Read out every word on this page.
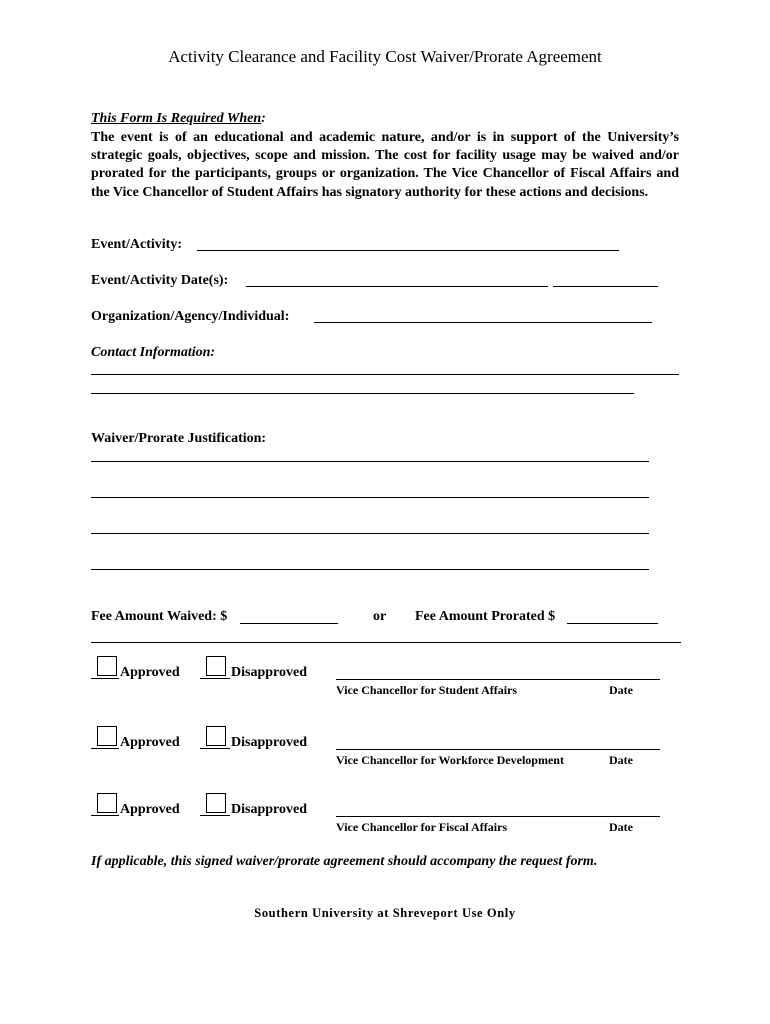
Activity Clearance and Facility Cost Waiver/Prorate Agreement
This Form Is Required When:
The event is of an educational and academic nature, and/or is in support of the University’s strategic goals, objectives, scope and mission. The cost for facility usage may be waived and/or prorated for the participants, groups or organization. The Vice Chancellor of Fiscal Affairs and the Vice Chancellor of Student Affairs has signatory authority for these actions and decisions.
Event/Activity:
Event/Activity Date(s):
Organization/Agency/Individual:
Contact Information:
Waiver/Prorate Justification:
Fee Amount Waived: $	or Fee Amount Prorated $
Approved	Disapproved
Vice Chancellor for Student Affairs	Date
Approved	Disapproved
Vice Chancellor for Workforce Development	Date
Approved	Disapproved
Vice Chancellor for Fiscal Affairs	Date
If applicable, this signed waiver/prorate agreement should accompany the request form.
Southern University at Shreveport Use Only
